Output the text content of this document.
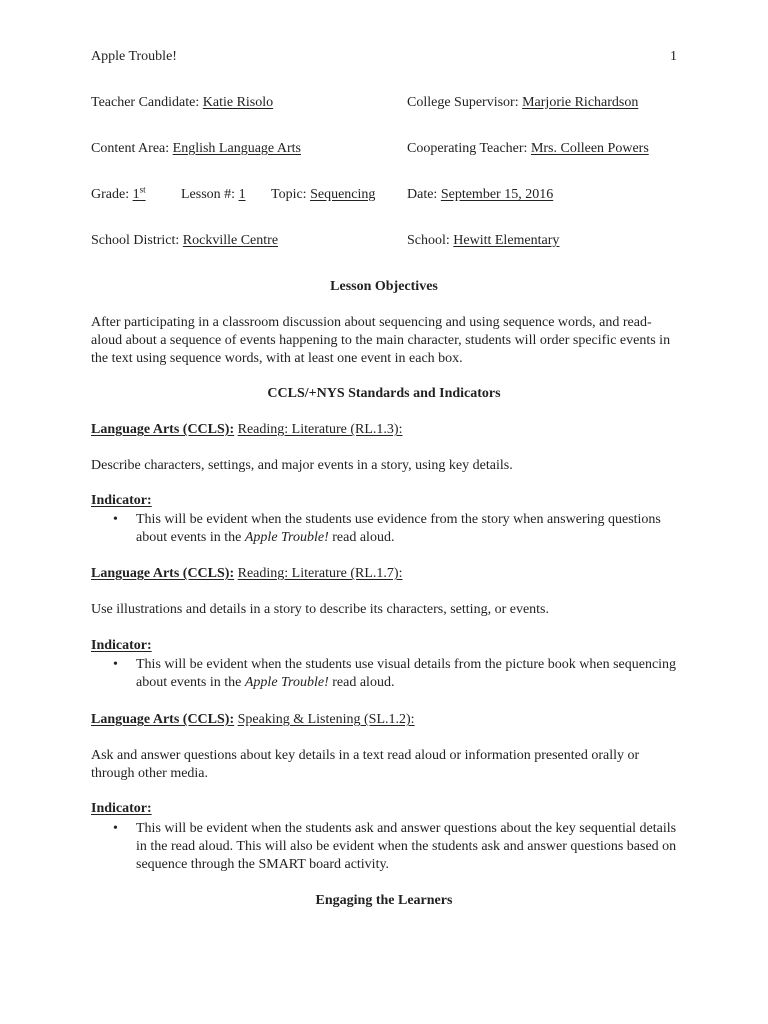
Apple Trouble!	1
Teacher Candidate: Katie Risolo	College Supervisor: Marjorie Richardson
Content Area: English Language Arts	Cooperating Teacher: Mrs. Colleen Powers
Grade: 1st	Lesson #: 1 Topic: Sequencing Date: September 15, 2016
School District: Rockville Centre	School: Hewitt Elementary
Lesson Objectives
After participating in a classroom discussion about sequencing and using sequence words, and read-aloud about a sequence of events happening to the main character, students will order specific events in the text using sequence words, with at least one event in each box.
CCLS/+NYS Standards and Indicators
Language Arts (CCLS): Reading: Literature (RL.1.3):
Describe characters, settings, and major events in a story, using key details.
Indicator:
• This will be evident when the students use evidence from the story when answering questions about events in the Apple Trouble! read aloud.
Language Arts (CCLS): Reading: Literature (RL.1.7):
Use illustrations and details in a story to describe its characters, setting, or events.
Indicator:
• This will be evident when the students use visual details from the picture book when sequencing about events in the Apple Trouble! read aloud.
Language Arts (CCLS): Speaking & Listening (SL.1.2):
Ask and answer questions about key details in a text read aloud or information presented orally or through other media.
Indicator:
• This will be evident when the students ask and answer questions about the key sequential details in the read aloud. This will also be evident when the students ask and answer questions based on sequence through the SMART board activity.
Engaging the Learners
